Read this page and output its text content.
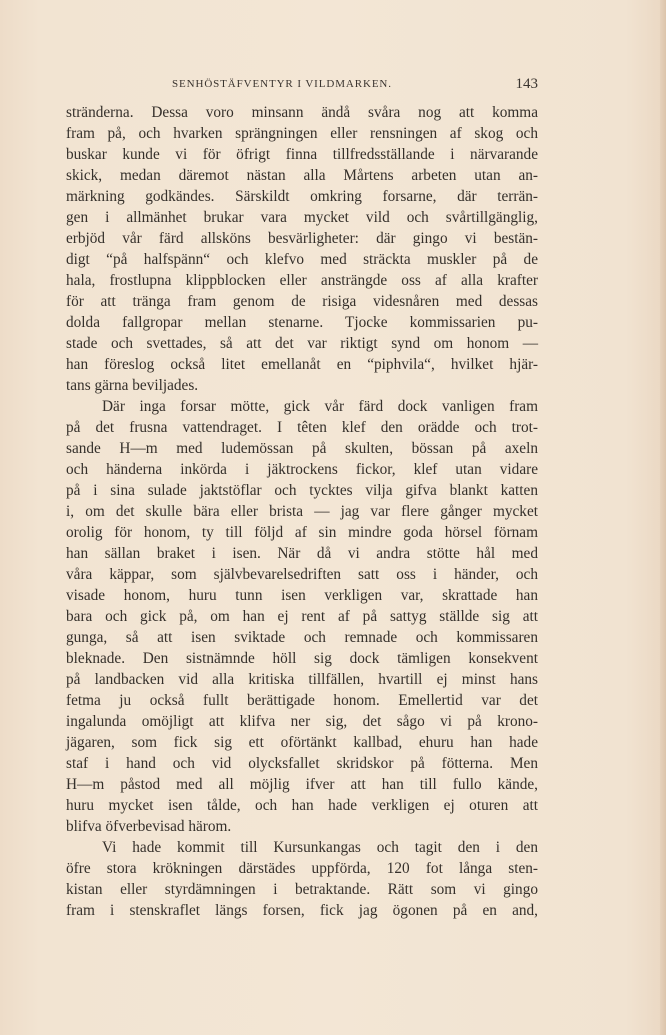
SENHÖSTÄFVENTYR I VILDMARKEN.	143
stränderna. Dessa voro minsann ändå svåra nog att komma
fram på, och hvarken sprängningen eller rensningen af skog och
buskar kunde vi för öfrigt finna tillfredsställande i närvarande
skick, medan däremot nästan alla Mårtens arbeten utan an-
märkning godkändes. Särskildt omkring forsarne, där terrän-
gen i allmänhet brukar vara mycket vild och svårtillgänglig,
erbjöd vår färd allsköns besvärligheter: där gingo vi bestän-
digt “på halfspänn“ och klefvo med sträckta muskler på de
hala, frostlupna klippblocken eller ansträngde oss af alla krafter
för att tränga fram genom de risiga videsnåren med dessas
dolda fallgropar mellan stenarne. Tjocke kommissarien pu-
stade och svettades, så att det var riktigt synd om honom —
han föreslog också litet emellanåt en “piphvila“, hvilket hjär-
tans gärna beviljades.
Där inga forsar mötte, gick vår färd dock vanligen fram
på det frusna vattendraget. I têten klef den orädde och trot-
sande H—m med ludemössan på skulten, bössan på axeln
och händerna inkörda i jäktrockens fickor, klef utan vidare
på i sina sulade jaktstöflar och tycktes vilja gifva blankt katten
i, om det skulle bära eller brista — jag var flere gånger mycket
orolig för honom, ty till följd af sin mindre goda hörsel förnam
han sällan braket i isen. När då vi andra stötte hål med
våra käppar, som självbevarelsedriften satt oss i händer, och
visade honom, huru tunn isen verkligen var, skrattade han
bara och gick på, om han ej rent af på sattyg ställde sig att
gunga, så att isen sviktade och remnade och kommissaren
bleknade. Den sistnämnde höll sig dock tämligen konsekvent
på landbacken vid alla kritiska tillfällen, hvartill ej minst hans
fetma ju också fullt berättigade honom. Emellertid var det
ingalunda omöjligt att klifva ner sig, det sågo vi på krono-
jägaren, som fick sig ett oförtänkt kallbad, ehuru han hade
staf i hand och vid olycksfallet skridskor på fötterna. Men
H—m påstod med all möjlig ifver att han till fullo kände,
huru mycket isen tålde, och han hade verkligen ej oturen att
blifva öfverbevisad härom.
Vi hade kommit till Kursunkangas och tagit den i den
öfre stora krökningen därstädes uppförda, 120 fot långa sten-
kistan eller styrdämningen i betraktande. Rätt som vi gingo
fram i stenskraflet längs forsen, fick jag ögonen på en and,
